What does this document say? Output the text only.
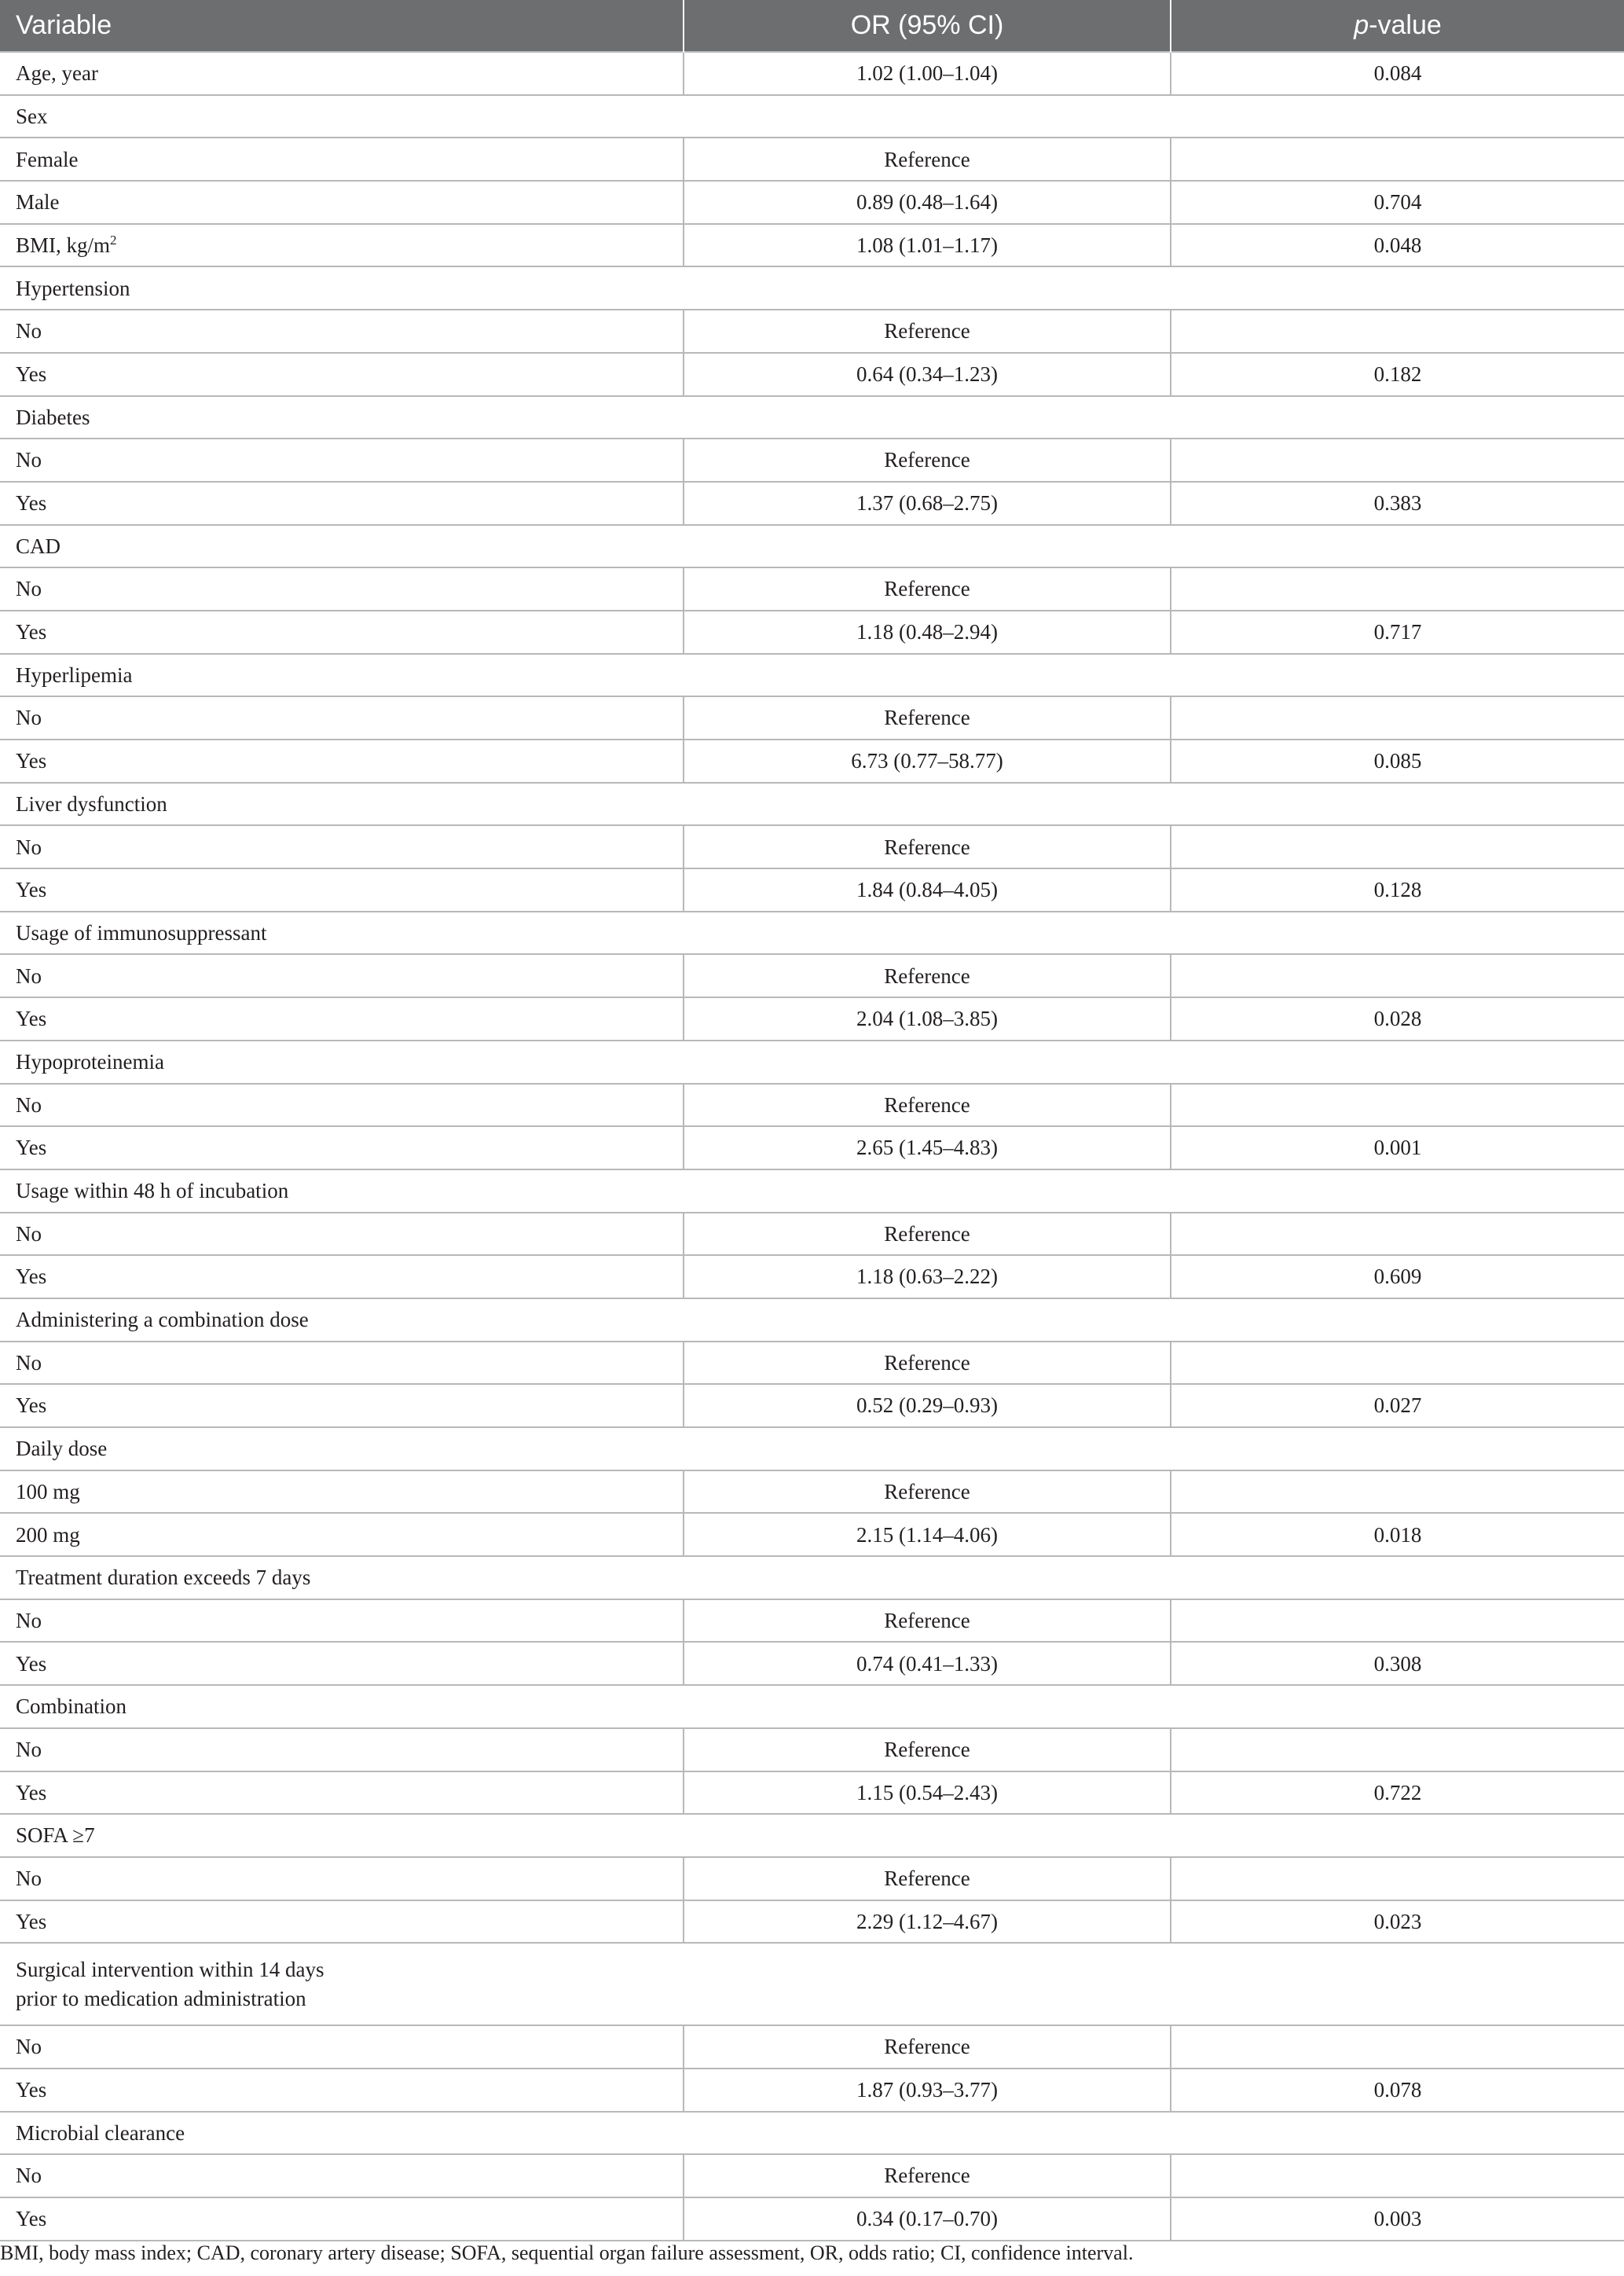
Variable	OR (95% CI)	p-value
Age, year	1.02 (1.00–1.04)	0.084
Sex		
Female	Reference	
Male	0.89 (0.48–1.64)	0.704
BMI, $kg/m^2$	1.08 (1.01–1.17)	0.048
Hypertension		
No	Reference	
Yes	0.64 (0.34–1.23)	0.182
Diabetes		
No	Reference	
Yes	1.37 (0.68–2.75)	0.383
CAD		
No	Reference	
Yes	1.18 (0.48–2.94)	0.717
Hyperlipemia		
No	Reference	
Yes	6.73 (0.77–58.77)	0.085
Liver dysfunction		
No	Reference	
Yes	1.84 (0.84–4.05)	0.128
Usage of immunosuppressant		
No	Reference	
Yes	2.04 (1.08–3.85)	0.028
Hypoproteinemia		
No	Reference	
Yes	2.65 (1.45–4.83)	0.001
Usage within 48 h of incubation		
No	Reference	
Yes	1.18 (0.63–2.22)	0.609
Administering a combination dose		
No	Reference	
Yes	0.52 (0.29–0.93)	0.027
Daily dose		
100 mg	Reference	
200 mg	2.15 (1.14–4.06)	0.018
Treatment duration exceeds 7 days		
No	Reference	
Yes	0.74 (0.41–1.33)	0.308
Combination		
No	Reference	
Yes	1.15 (0.54–2.43)	0.722
SOFA ≥7		
No	Reference	
Yes	2.29 (1.12–4.67)	0.023
Surgical intervention within 14 days
prior to medication administration		
No	Reference	
Yes	1.87 (0.93–3.77)	0.078
Microbial clearance		
No	Reference	
Yes	0.34 (0.17–0.70)	0.003
BMI, body mass index; CAD, coronary artery disease; SOFA, sequential organ failure assessment, OR, odds ratio; CI, confidence interval.
